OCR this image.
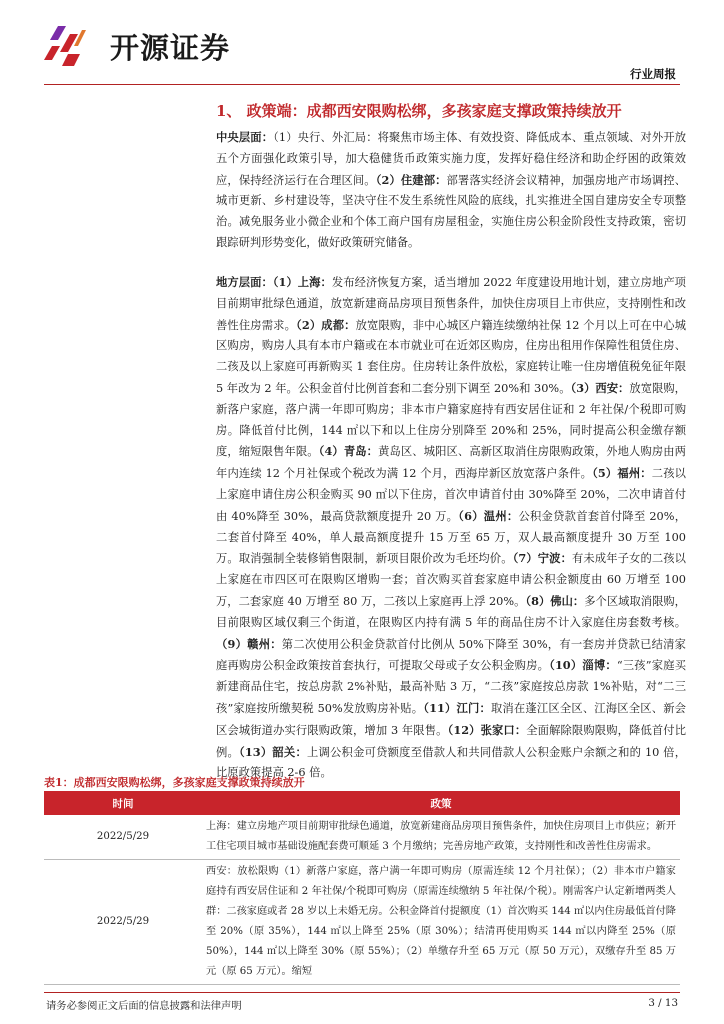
开源证券
行业周报
1、 政策端：成都西安限购松绑，多孩家庭支撑政策持续放开
中央层面：（1）央行、外汇局：将聚焦市场主体、有效投资、降低成本、重点领域、对外开放五个方面强化政策引导，加大稳健货币政策实施力度，发挥好稳住经济和助企纾困的政策效应，保持经济运行在合理区间。（2）住建部：部署落实经济会议精神，加强房地产市场调控、城市更新、乡村建设等，坚决守住不发生系统性风险的底线，扎实推进全国自建房安全专项整治。减免服务业小微企业和个体工商户国有房屋租金，实施住房公积金阶段性支持政策，密切跟踪研判形势变化，做好政策研究储备。
地方层面：（1）上海：发布经济恢复方案，适当增加 2022 年度建设用地计划，建立房地产项目前期审批绿色通道，放宽新建商品房项目预售条件，加快住房项目上市供应，支持刚性和改善性住房需求。（2）成都：放宽限购，非中心城区户籍连续缴纳社保 12 个月以上可在中心城区购房，购房人具有本市户籍或在本市就业可在近郊区购房，住房出租用作保障性租赁住房、二孩及以上家庭可再新购买 1 套住房。住房转让条件放松，家庭转让唯一住房增值税免征年限 5 年改为 2 年。公积金首付比例首套和二套分别下调至 20%和 30%。（3）西安：放宽限购，新落户家庭，落户满一年即可购房；非本市户籍家庭持有西安居住证和 2 年社保/个税即可购房。降低首付比例，144 ㎡以下和以上住房分别降至 20%和 25%，同时提高公积金缴存额度，缩短限售年限。（4）青岛：黄岛区、城阳区、高新区取消住房限购政策，外地人购房由两年内连续 12 个月社保或个税改为满 12 个月，西海岸新区放宽落户条件。（5）福州：二孩以上家庭申请住房公积金购买 90 ㎡以下住房，首次申请首付由 30%降至 20%，二次申请首付由 40%降至 30%，最高贷款额度提升 20 万。（6）温州：公积金贷款首套首付降至 20%，二套首付降至 40%，单人最高额度提升 15 万至 65 万，双人最高额度提升 30 万至 100 万。取消强制全装修销售限制，新项目限价改为毛坯均价。（7）宁波：有未成年子女的二孩以上家庭在市四区可在限购区增购一套；首次购买首套家庭申请公积金额度由 60 万增至 100 万，二套家庭 40 万增至 80 万，二孩以上家庭再上浮 20%。（8）佛山：多个区域取消限购，目前限购区域仅剩三个街道，在限购区内持有满 5 年的商品住房不计入家庭住房套数考核。（9）赣州：第二次使用公积金贷款首付比例从 50%下降至 30%，有一套房并贷款已结清家庭再购房公积金政策按首套执行，可提取父母或子女公积金购房。（10）淄博：“三孩”家庭买新建商品住宅，按总房款 2%补贴，最高补贴 3 万，“二孩”家庭按总房款 1%补贴，对“二三孩”家庭按所缴契税 50%发放购房补贴。（11）江门：取消在蓬江区全区、江海区全区、新会区会城街道办实行限购政策，增加 3 年限售。（12）张家口：全面解除限购限购，降低首付比例。（13）韶关：上调公积金可贷额度至借款人和共同借款人公积金账户余额之和的 10 倍，比原政策提高 2-6 倍。
表1：成都西安限购松绑，多孩家庭支撑政策持续放开
时间	政策
2022/5/29	上海：建立房地产项目前期审批绿色通道，放宽新建商品房项目预售条件，加快住房项目上市供应；新开工住宅项目城市基础设施配套费可顺延 3 个月缴纳；完善房地产政策，支持刚性和改善性住房需求。
2022/5/29	西安：放松限购（1）新落户家庭，落户满一年即可购房（原需连续 12 个月社保）；（2）非本市户籍家庭持有西安居住证和 2 年社保/个税即可购房（原需连续缴纳 5 年社保/个税）。刚需客户认定新增两类人群：二孩家庭或者 28 岁以上未婚无房。公积金降首付提额度（1）首次购买 144 ㎡以内住房最低首付降至 20%（原 35%），144 ㎡以上降至 25%（原 30%）；结清再使用购买 144 ㎡以内降至 25%（原 50%），144 ㎡以上降至 30%（原 55%）；（2）单缴存升至 65 万元（原 50 万元），双缴存升至 85 万元（原 65 万元）。缩短
请务必参阅正文后面的信息披露和法律声明	3 / 13
